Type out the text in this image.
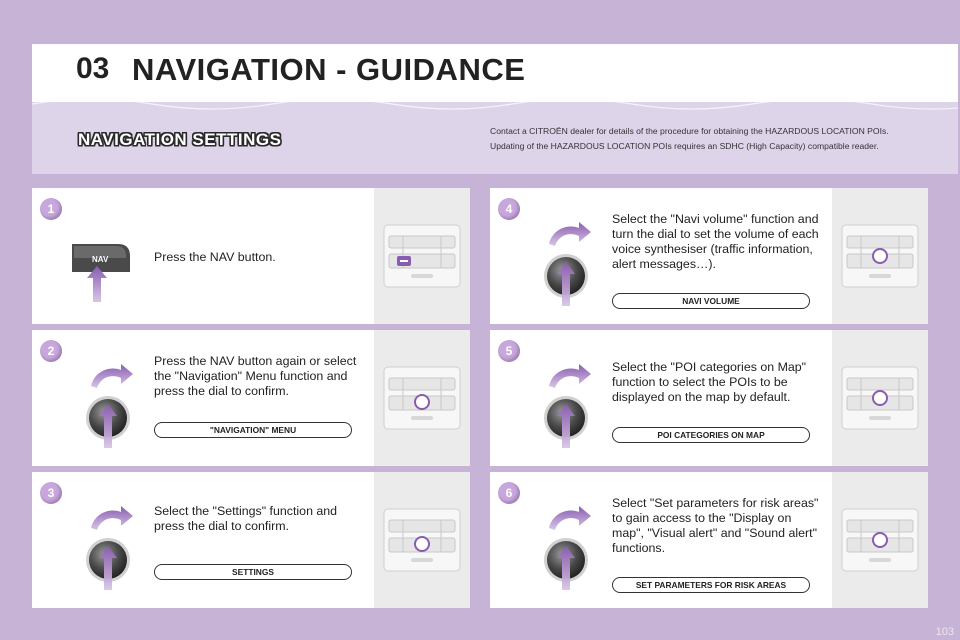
03 NAVIGATION - GUIDANCE
NAVIGATION SETTINGS	Contact a CITROËN dealer for details of the procedure for obtaining the HAZARDOUS LOCATION POIs.
Updating of the HAZARDOUS LOCATION POIs requires an SDHC (High Capacity) compatible reader.
1
NAV	Press the NAV button.
2
Press the NAV button again or select the "Navigation" Menu function and press the dial to confirm.
"NAVIGATION" MENU
3
Select the "Settings" function and press the dial to confirm.
SETTINGS
4
Select the "Navi volume" function and turn the dial to set the volume of each voice synthesiser (traffic information, alert messages…).
NAVI VOLUME
5
Select the "POI categories on Map" function to select the POIs to be displayed on the map by default.
POI CATEGORIES ON MAP
6
Select "Set parameters for risk areas" to gain access to the "Display on map", "Visual alert" and "Sound alert" functions.
SET PARAMETERS FOR RISK AREAS
103
